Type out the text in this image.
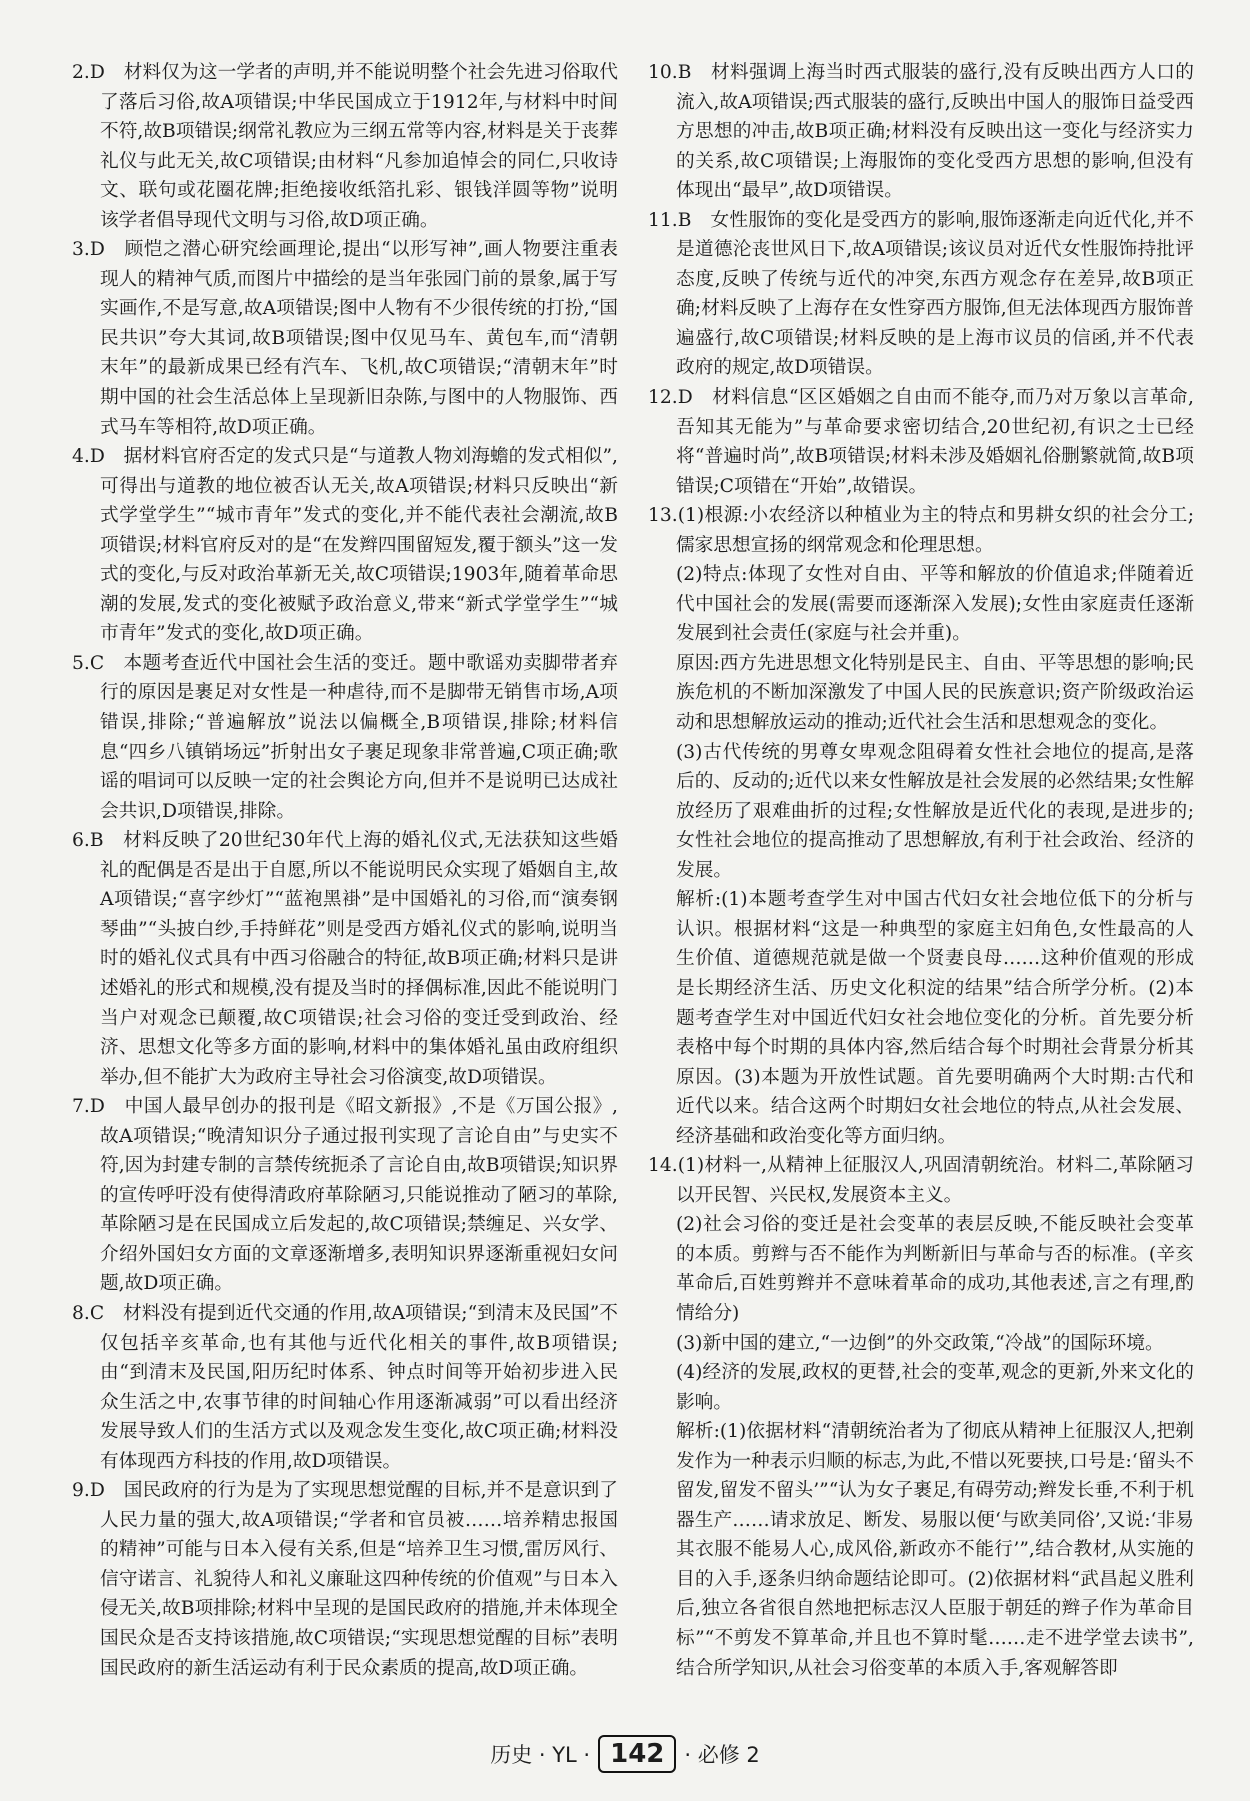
2.D　材料仅为这一学者的声明,并不能说明整个社会先进习俗取代了落后习俗,故A项错误;中华民国成立于1912年,与材料中时间不符,故B项错误;纲常礼教应为三纲五常等内容,材料是关于丧葬礼仪与此无关,故C项错误;由材料“凡参加追悼会的同仁,只收诗文、联句或花圈花牌;拒绝接收纸箔扎彩、银钱洋圆等物”说明该学者倡导现代文明与习俗,故D项正确。

3.D　顾恺之潜心研究绘画理论,提出“以形写神”,画人物要注重表现人的精神气质,而图片中描绘的是当年张园门前的景象,属于写实画作,不是写意,故A项错误;图中人物有不少很传统的打扮,“国民共识”夸大其词,故B项错误;图中仅见马车、黄包车,而“清朝末年”的最新成果已经有汽车、飞机,故C项错误;“清朝末年”时期中国的社会生活总体上呈现新旧杂陈,与图中的人物服饰、西式马车等相符,故D项正确。

4.D　据材料官府否定的发式只是“与道教人物刘海蟾的发式相似”,可得出与道教的地位被否认无关,故A项错误;材料只反映出“新式学堂学生”“城市青年”发式的变化,并不能代表社会潮流,故B项错误;材料官府反对的是“在发辫四围留短发,覆于额头”这一发式的变化,与反对政治革新无关,故C项错误;1903年,随着革命思潮的发展,发式的变化被赋予政治意义,带来“新式学堂学生”“城市青年”发式的变化,故D项正确。

5.C　本题考查近代中国社会生活的变迁。题中歌谣劝卖脚带者弃行的原因是裹足对女性是一种虐待,而不是脚带无销售市场,A项错误,排除;“普遍解放”说法以偏概全,B项错误,排除;材料信息“四乡八镇销场远”折射出女子裹足现象非常普遍,C项正确;歌谣的唱词可以反映一定的社会舆论方向,但并不是说明已达成社会共识,D项错误,排除。

6.B　材料反映了20世纪30年代上海的婚礼仪式,无法获知这些婚礼的配偶是否是出于自愿,所以不能说明民众实现了婚姻自主,故A项错误;“喜字纱灯”“蓝袍黑褂”是中国婚礼的习俗,而“演奏钢琴曲”“头披白纱,手持鲜花”则是受西方婚礼仪式的影响,说明当时的婚礼仪式具有中西习俗融合的特征,故B项正确;材料只是讲述婚礼的形式和规模,没有提及当时的择偶标准,因此不能说明门当户对观念已颠覆,故C项错误;社会习俗的变迁受到政治、经济、思想文化等多方面的影响,材料中的集体婚礼虽由政府组织举办,但不能扩大为政府主导社会习俗演变,故D项错误。

7.D　中国人最早创办的报刊是《昭文新报》,不是《万国公报》,故A项错误;“晚清知识分子通过报刊实现了言论自由”与史实不符,因为封建专制的言禁传统扼杀了言论自由,故B项错误;知识界的宣传呼吁没有使得清政府革除陋习,只能说推动了陋习的革除,革除陋习是在民国成立后发起的,故C项错误;禁缠足、兴女学、介绍外国妇女方面的文章逐渐增多,表明知识界逐渐重视妇女问题,故D项正确。

8.C　材料没有提到近代交通的作用,故A项错误;“到清末及民国”不仅包括辛亥革命,也有其他与近代化相关的事件,故B项错误;由“到清末及民国,阳历纪时体系、钟点时间等开始初步进入民众生活之中,农事节律的时间轴心作用逐渐减弱”可以看出经济发展导致人们的生活方式以及观念发生变化,故C项正确;材料没有体现西方科技的作用,故D项错误。

9.D　国民政府的行为是为了实现思想觉醒的目标,并不是意识到了人民力量的强大,故A项错误;“学者和官员被……培养精忠报国的精神”可能与日本入侵有关系,但是“培养卫生习惯,雷厉风行、信守诺言、礼貌待人和礼义廉耻这四种传统的价值观”与日本入侵无关,故B项排除;材料中呈现的是国民政府的措施,并未体现全国民众是否支持该措施,故C项错误;“实现思想觉醒的目标”表明国民政府的新生活运动有利于民众素质的提高,故D项正确。

10.B　材料强调上海当时西式服装的盛行,没有反映出西方人口的流入,故A项错误;西式服装的盛行,反映出中国人的服饰日益受西方思想的冲击,故B项正确;材料没有反映出这一变化与经济实力的关系,故C项错误;上海服饰的变化受西方思想的影响,但没有体现出“最早”,故D项错误。

11.B　女性服饰的变化是受西方的影响,服饰逐渐走向近代化,并不是道德沦丧世风日下,故A项错误;该议员对近代女性服饰持批评态度,反映了传统与近代的冲突,东西方观念存在差异,故B项正确;材料反映了上海存在女性穿西方服饰,但无法体现西方服饰普遍盛行,故C项错误;材料反映的是上海市议员的信函,并不代表政府的规定,故D项错误。

12.D　材料信息“区区婚姻之自由而不能夺,而乃对万象以言革命,吾知其无能为”与革命要求密切结合,20世纪初,有识之士已经将“普遍时尚”,故B项错误;材料未涉及婚姻礼俗删繁就简,故B项错误;C项错在“开始”,故错误。

13.(1)根源:小农经济以种植业为主的特点和男耕女织的社会分工;儒家思想宣扬的纲常观念和伦理思想。

(2)特点:体现了女性对自由、平等和解放的价值追求;伴随着近代中国社会的发展(需要而逐渐深入发展);女性由家庭责任逐渐发展到社会责任(家庭与社会并重)。

原因:西方先进思想文化特别是民主、自由、平等思想的影响;民族危机的不断加深激发了中国人民的民族意识;资产阶级政治运动和思想解放运动的推动;近代社会生活和思想观念的变化。

(3)古代传统的男尊女卑观念阻碍着女性社会地位的提高,是落后的、反动的;近代以来女性解放是社会发展的必然结果;女性解放经历了艰难曲折的过程;女性解放是近代化的表现,是进步的;女性社会地位的提高推动了思想解放,有利于社会政治、经济的发展。

解析:(1)本题考查学生对中国古代妇女社会地位低下的分析与认识。根据材料“这是一种典型的家庭主妇角色,女性最高的人生价值、道德规范就是做一个贤妻良母……这种价值观的形成是长期经济生活、历史文化积淀的结果”结合所学分析。(2)本题考查学生对中国近代妇女社会地位变化的分析。首先要分析表格中每个时期的具体内容,然后结合每个时期社会背景分析其原因。(3)本题为开放性试题。首先要明确两个大时期:古代和近代以来。结合这两个时期妇女社会地位的特点,从社会发展、经济基础和政治变化等方面归纳。

14.(1)材料一,从精神上征服汉人,巩固清朝统治。材料二,革除陋习以开民智、兴民权,发展资本主义。

(2)社会习俗的变迁是社会变革的表层反映,不能反映社会变革的本质。剪辫与否不能作为判断新旧与革命与否的标准。(辛亥革命后,百姓剪辫并不意味着革命的成功,其他表述,言之有理,酌情给分)

(3)新中国的建立,“一边倒”的外交政策,“冷战”的国际环境。

(4)经济的发展,政权的更替,社会的变革,观念的更新,外来文化的影响。

解析:(1)依据材料“清朝统治者为了彻底从精神上征服汉人,把剃发作为一种表示归顺的标志,为此,不惜以死要挟,口号是:‘留头不留发,留发不留头’”“认为女子裹足,有碍劳动;辫发长垂,不利于机器生产……请求放足、断发、易服以便‘与欧美同俗’,又说:‘非易其衣服不能易人心,成风俗,新政亦不能行’”,结合教材,从实施的目的入手,逐条归纳命题结论即可。(2)依据材料“武昌起义胜利后,独立各省很自然地把标志汉人臣服于朝廷的辫子作为革命目标”“不剪发不算革命,并且也不算时髦……走不进学堂去读书”,结合所学知识,从社会习俗变革的本质入手,客观解答即

历史 · YL · 142 · 必修 2
